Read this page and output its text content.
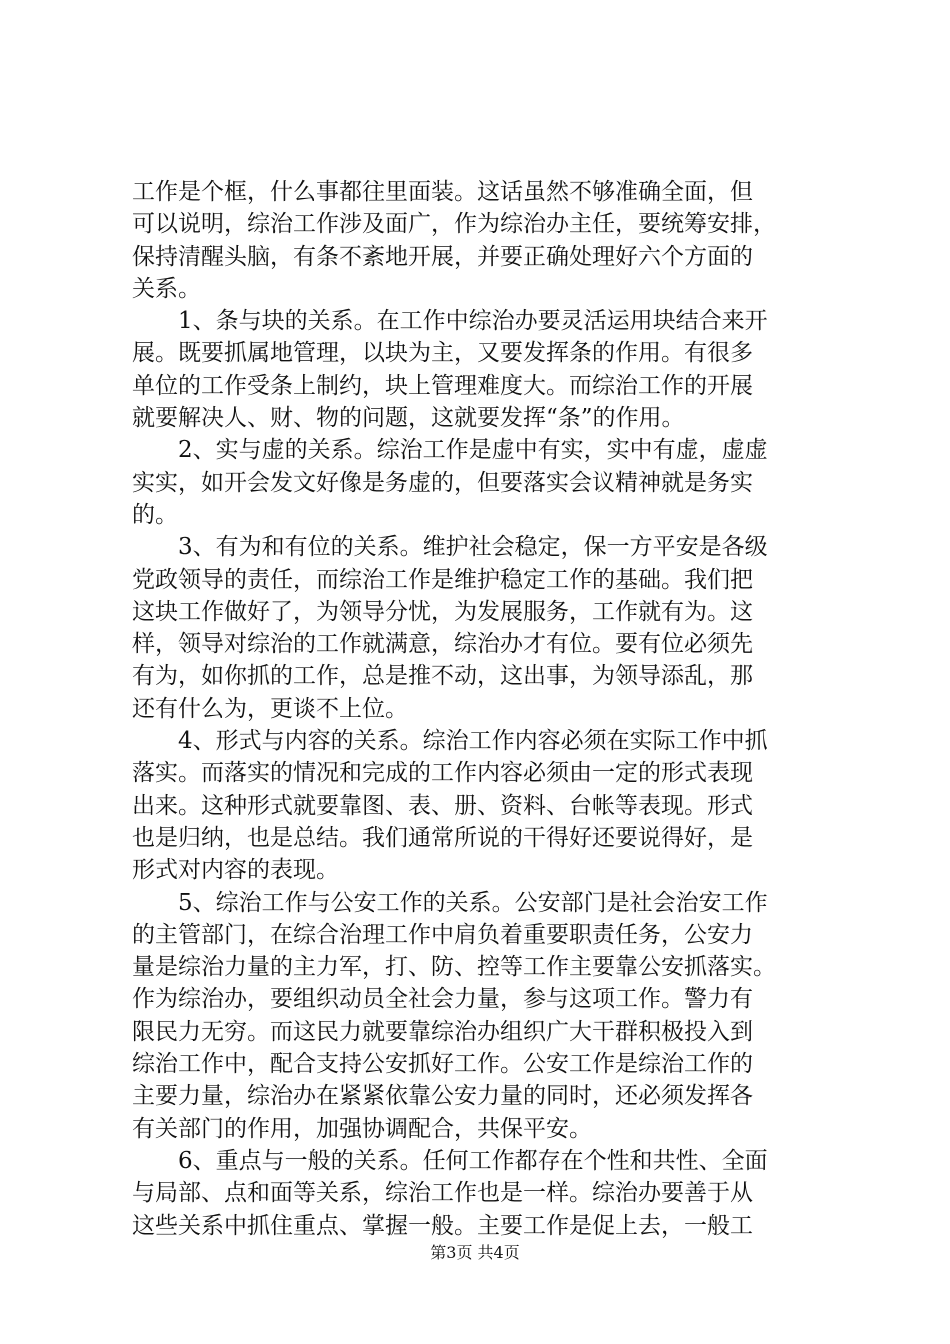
工作是个框，什么事都往里面装。这话虽然不够准确全面，但
可以说明，综治工作涉及面广，作为综治办主任，要统筹安排，
保持清醒头脑，有条不紊地开展，并要正确处理好六个方面的
关系。
1、条与块的关系。在工作中综治办要灵活运用块结合来开
展。既要抓属地管理，以块为主，又要发挥条的作用。有很多
单位的工作受条上制约，块上管理难度大。而综治工作的开展
就要解决人、财、物的问题，这就要发挥“条”的作用。
2、实与虚的关系。综治工作是虚中有实，实中有虚，虚虚
实实，如开会发文好像是务虚的，但要落实会议精神就是务实
的。
3、有为和有位的关系。维护社会稳定，保一方平安是各级
党政领导的责任，而综治工作是维护稳定工作的基础。我们把
这块工作做好了，为领导分忧，为发展服务，工作就有为。这
样，领导对综治的工作就满意，综治办才有位。要有位必须先
有为，如你抓的工作，总是推不动，这出事，为领导添乱，那
还有什么为，更谈不上位。
4、形式与内容的关系。综治工作内容必须在实际工作中抓
落实。而落实的情况和完成的工作内容必须由一定的形式表现
出来。这种形式就要靠图、表、册、资料、台帐等表现。形式
也是归纳，也是总结。我们通常所说的干得好还要说得好，是
形式对内容的表现。
5、综治工作与公安工作的关系。公安部门是社会治安工作
的主管部门，在综合治理工作中肩负着重要职责任务，公安力
量是综治力量的主力军，打、防、控等工作主要靠公安抓落实。
作为综治办，要组织动员全社会力量，参与这项工作。警力有
限民力无穷。而这民力就要靠综治办组织广大干群积极投入到
综治工作中，配合支持公安抓好工作。公安工作是综治工作的
主要力量，综治办在紧紧依靠公安力量的同时，还必须发挥各
有关部门的作用，加强协调配合，共保平安。
6、重点与一般的关系。任何工作都存在个性和共性、全面
与局部、点和面等关系，综治工作也是一样。综治办要善于从
这些关系中抓住重点、掌握一般。主要工作是促上去，一般工
第3页 共4页
